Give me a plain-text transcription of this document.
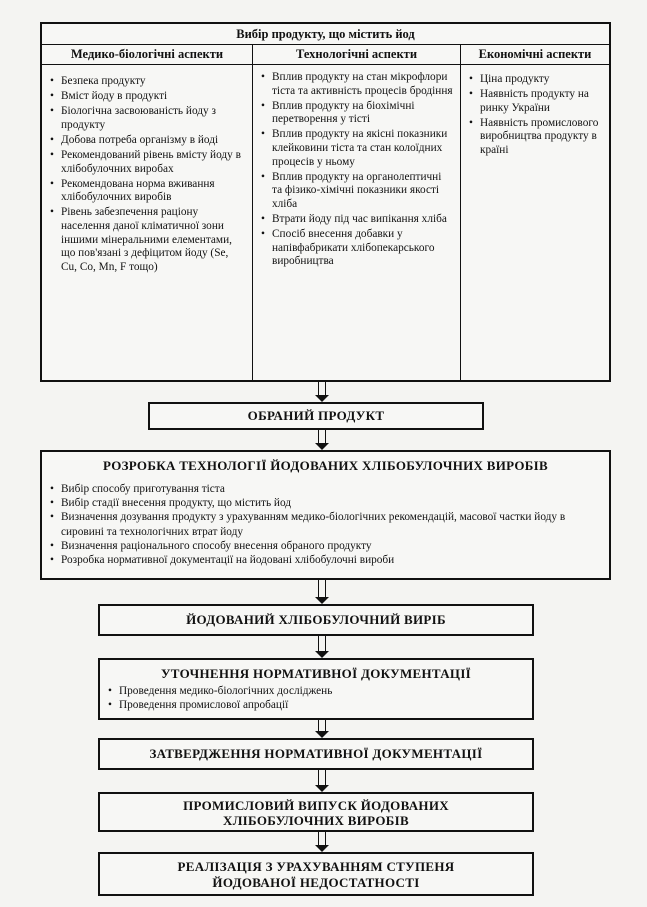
Вибір продукту, що містить йод
Медико-біологічні аспекти
• Безпека продукту
• Вміст йоду в продукті
• Біологічна засвоюваність йоду з продукту
• Добова потреба організму в йоді
• Рекомендований рівень вмісту йоду в хлібобулочних виробах
• Рекомендована норма вживання хлібобулочних виробів
• Рівень забезпечення раціону населення даної кліматичної зони іншими мінеральними елементами, що пов'язані з дефіцитом йоду (Se, Cu, Co, Mn, F тощо)
Технологічні аспекти
• Вплив продукту на стан мікрофлори тіста та активність процесів бродіння
• Вплив продукту на біохімічні перетворення у тісті
• Вплив продукту на якісні показники клейковини тіста та стан колоїдних процесів у ньому
• Вплив продукту на органолептичні та фізико-хімічні показники якості хліба
• Втрати йоду під час випікання хліба
• Спосіб внесення добавки у напівфабрикати хлібопекарського виробництва
Економічні аспекти
• Ціна продукту
• Наявність продукту на ринку України
• Наявність промислового виробництва продукту в країні
ОБРАНИЙ ПРОДУКТ
РОЗРОБКА ТЕХНОЛОГІЇ ЙОДОВАНИХ ХЛІБОБУЛОЧНИХ ВИРОБІВ
• Вибір способу приготування тіста
• Вибір стадії внесення продукту, що містить йод
• Визначення дозування продукту з урахуванням медико-біологічних рекомендацій, масової частки йоду в сировині та технологічних втрат йоду
• Визначення раціонального способу внесення обраного продукту
• Розробка нормативної документації на йодовані хлібобулочні вироби
ЙОДОВАНИЙ ХЛІБОБУЛОЧНИЙ ВИРІБ
УТОЧНЕННЯ НОРМАТИВНОЇ ДОКУМЕНТАЦІЇ
• Проведення медико-біологічних досліджень
• Проведення промислової апробації
ЗАТВЕРДЖЕННЯ НОРМАТИВНОЇ ДОКУМЕНТАЦІЇ
ПРОМИСЛОВИЙ ВИПУСК ЙОДОВАНИХ
ХЛІБОБУЛОЧНИХ ВИРОБІВ
РЕАЛІЗАЦІЯ З УРАХУВАННЯМ СТУПЕНЯ
ЙОДОВАНОЇ НЕДОСТАТНОСТІ
